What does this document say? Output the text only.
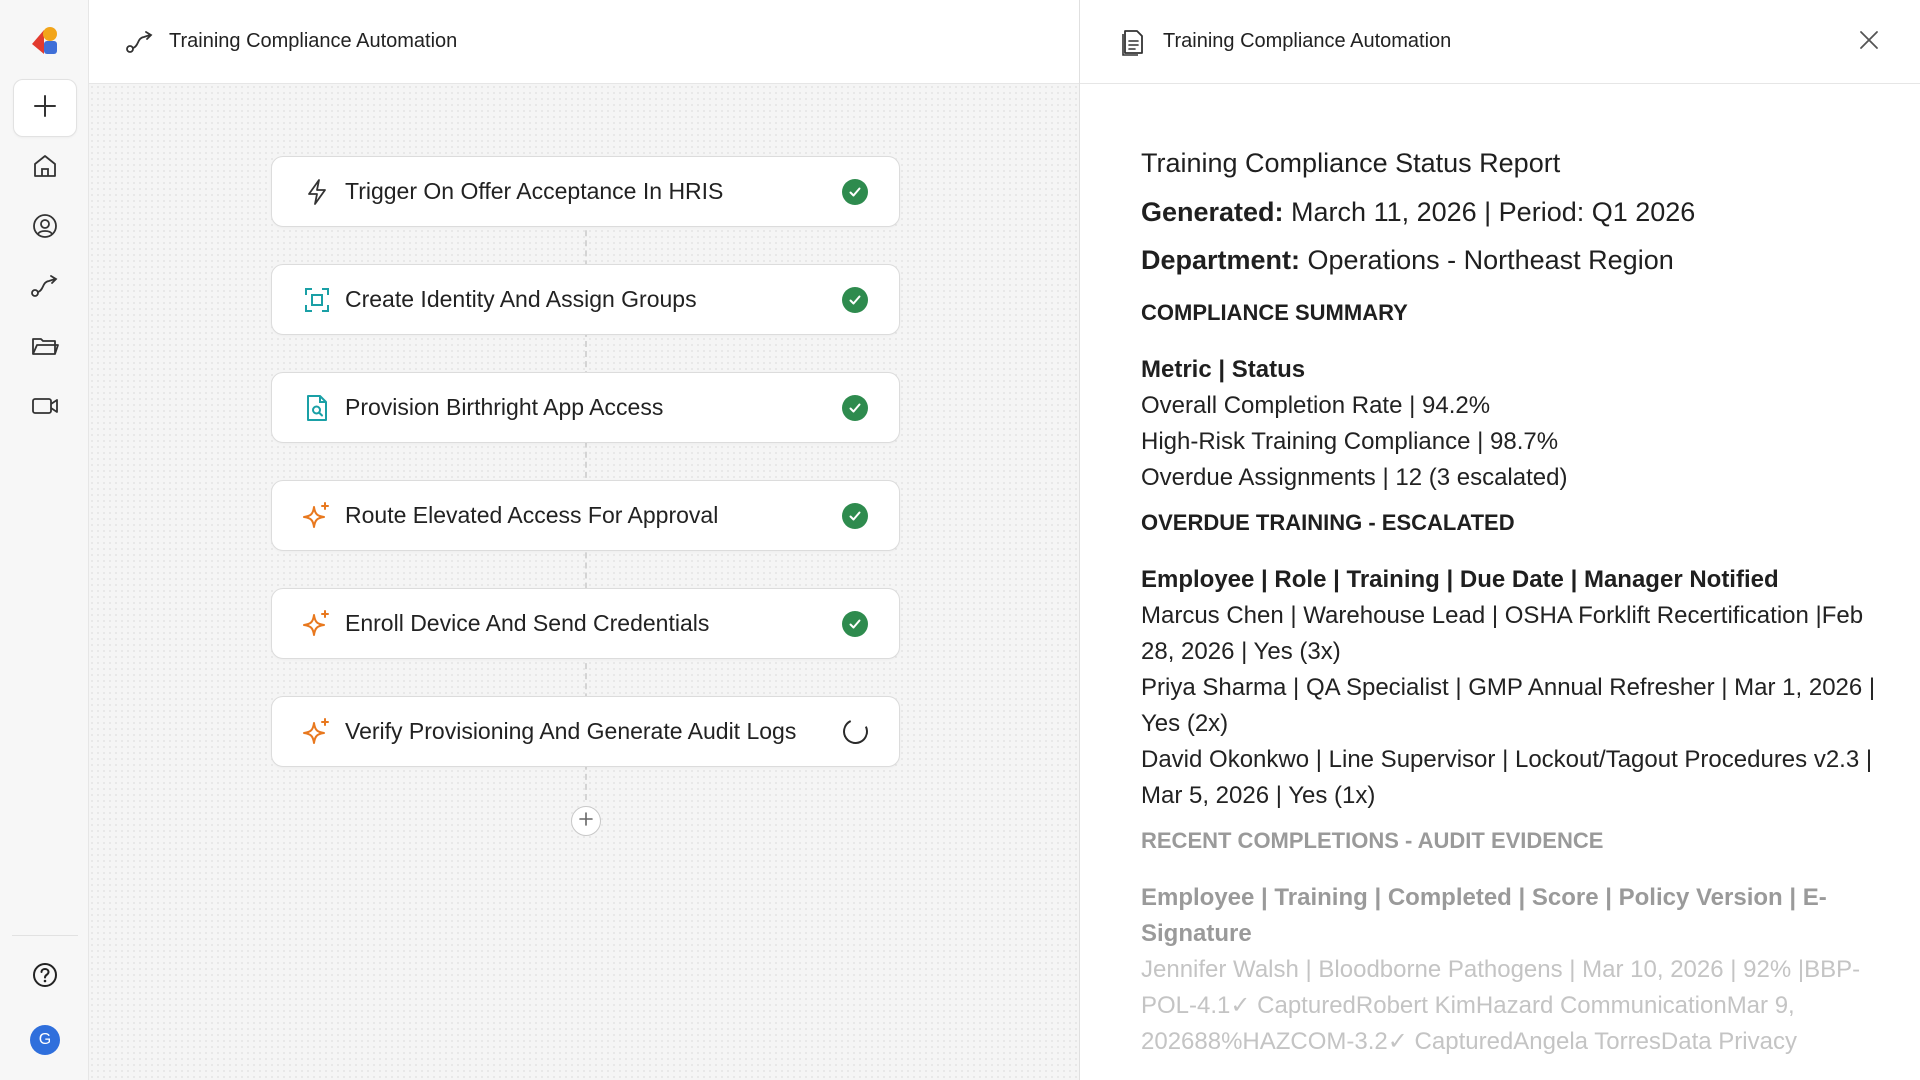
G
Training Compliance Automation
Trigger On Offer Acceptance In HRIS
Create Identity And Assign Groups
Provision Birthright App Access
Route Elevated Access For Approval
Enroll Device And Send Credentials
Verify Provisioning And Generate Audit Logs
Training Compliance Automation
Training Compliance Status Report
Generated: March 11, 2026 | Period: Q1 2026
Department: Operations - Northeast Region
COMPLIANCE SUMMARY
Metric | Status
Overall Completion Rate | 94.2%
High-Risk Training Compliance | 98.7%
Overdue Assignments | 12 (3 escalated)
OVERDUE TRAINING - ESCALATED
Employee | Role | Training | Due Date | Manager Notified
Marcus Chen | Warehouse Lead | OSHA Forklift Recertification |Feb 28, 2026 | Yes (3x)
Priya Sharma | QA Specialist | GMP Annual Refresher | Mar 1, 2026 | Yes (2x)
David Okonkwo | Line Supervisor | Lockout/Tagout Procedures v2.3 | Mar 5, 2026 | Yes (1x)
RECENT COMPLETIONS - AUDIT EVIDENCE
Employee | Training | Completed | Score | Policy Version | E-Signature
Jennifer Walsh | Bloodborne Pathogens | Mar 10, 2026 | 92% |BBP-POL-4.1✓ CapturedRobert KimHazard CommunicationMar 9, 202688%HAZCOM-3.2✓ CapturedAngela TorresData Privacy
